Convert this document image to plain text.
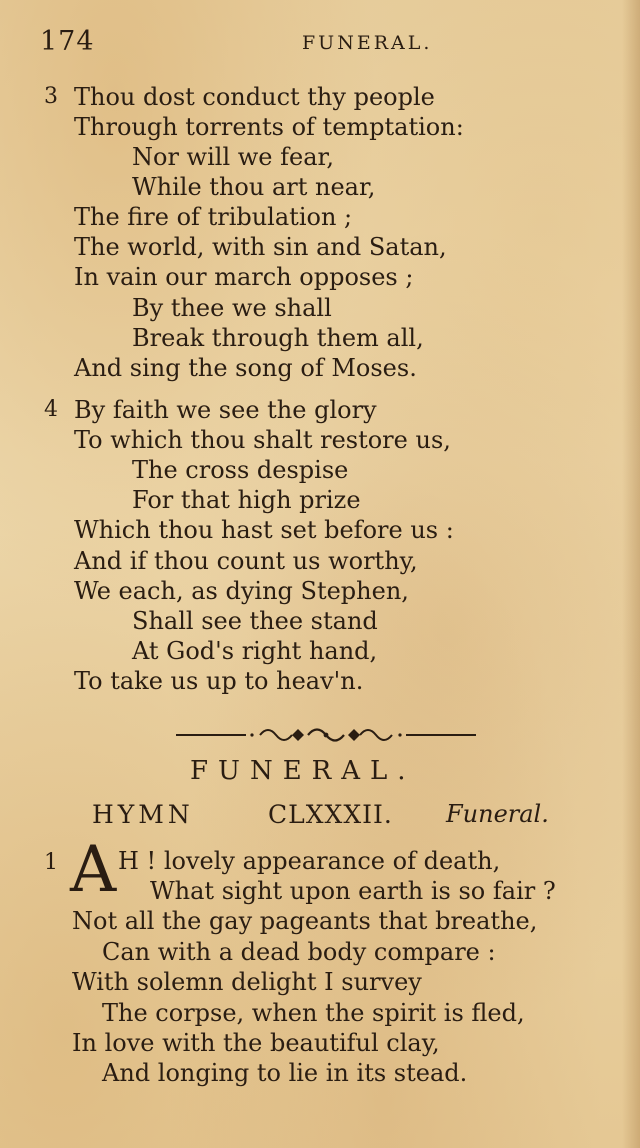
174	FUNERAL.
3 Thou dost conduct thy people
Through torrents of temptation:
Nor will we fear,
While thou art near,
The fire of tribulation ;
The world, with sin and Satan,
In vain our march opposes ;
By thee we shall
Break through them all,
And sing the song of Moses.
4 By faith we see the glory
To which thou shalt restore us,
The cross despise
For that high prize
Which thou hast set before us :
And if thou count us worthy,
We each, as dying Stephen,
Shall see thee stand
At God's right hand,
To take us up to heav'n.
FUNERAL.
HYMN	CLXXXII. Funeral.
1 A H ! lovely appearance of death,
What sight upon earth is so fair ?
Not all the gay pageants that breathe,
Can with a dead body compare :
With solemn delight I survey
The corpse, when the spirit is fled,
In love with the beautiful clay,
And longing to lie in its stead.
